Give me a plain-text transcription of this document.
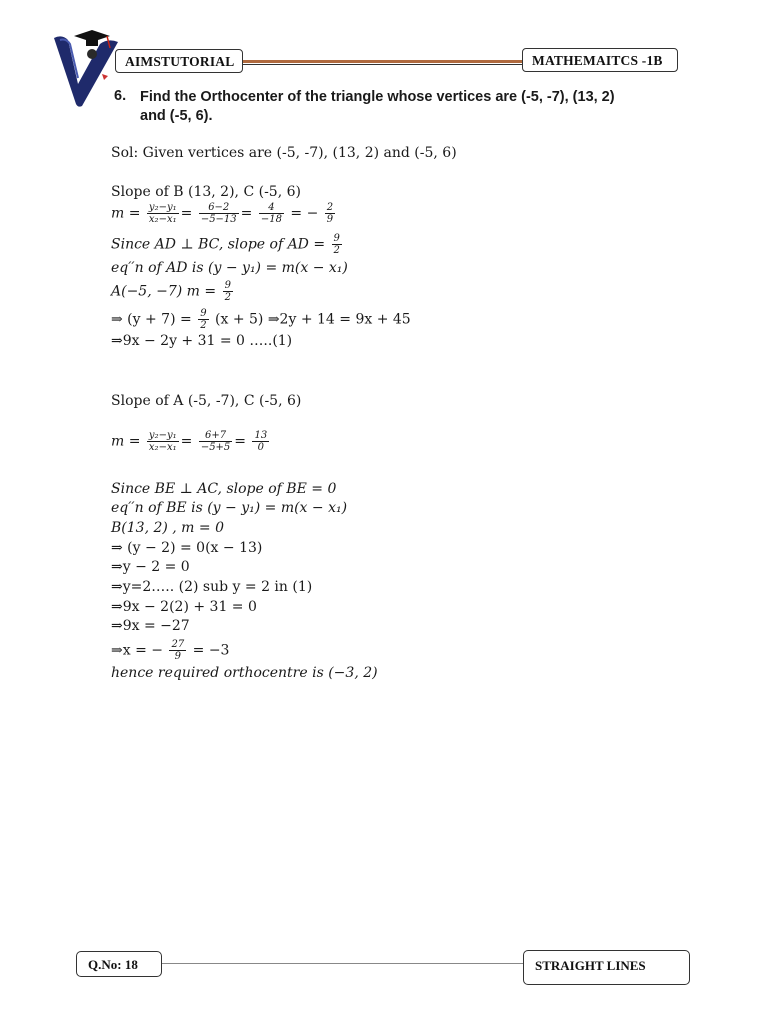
AIMSTUTORIAL	MATHEMAITCS -1B
6. Find the Orthocenter of the triangle whose vertices are (-5, -7), (13, 2) and (-5, 6).
Sol: Given vertices are (-5, -7), (13, 2) and (-5, 6)
Slope of B (13, 2), C (-5, 6)
$m = \frac{\text{y₂−y₁}}{\text{x₂−x₁}} = \frac{6-2}{-5-13} = \frac{4}{-18}$ = − $\frac{2}{9}$
Since AD ⊥ BC, slope of AD = $\frac{9}{2}$
eq′′n of AD is (y − y₁) = m(x − x₁)
A(−5, −7) $m = \frac{9}{2}$
⇒ $(y + 7) = \frac{9}{2} (x + 5)$ ⇒2y + 14 = 9x + 45
⇒9x − 2y + 31 = 0 …..(1)
Slope of A (-5, -7), C (-5, 6)
$m = \frac{\text{y₂−y₁}}{\text{x₂−x₁}} = \frac{6+7}{-5+5} = \frac{13}{0}$
Since BE ⊥ AC, slope of BE = 0
eq′′n of BE is (y − y₁) = m(x − x₁)
B(13, 2) , m = 0
⇒ (y − 2) = 0(x − 13)
⇒y − 2 = 0
⇒y=2….. (2) sub y = 2 in (1)
⇒9x − 2(2) + 31 = 0
⇒9x = −27
⇒x = − $\frac{27}{9} = -3$
hence required orthocentre is (−3, 2)
Q.No: 18	STRAIGHT LINES
